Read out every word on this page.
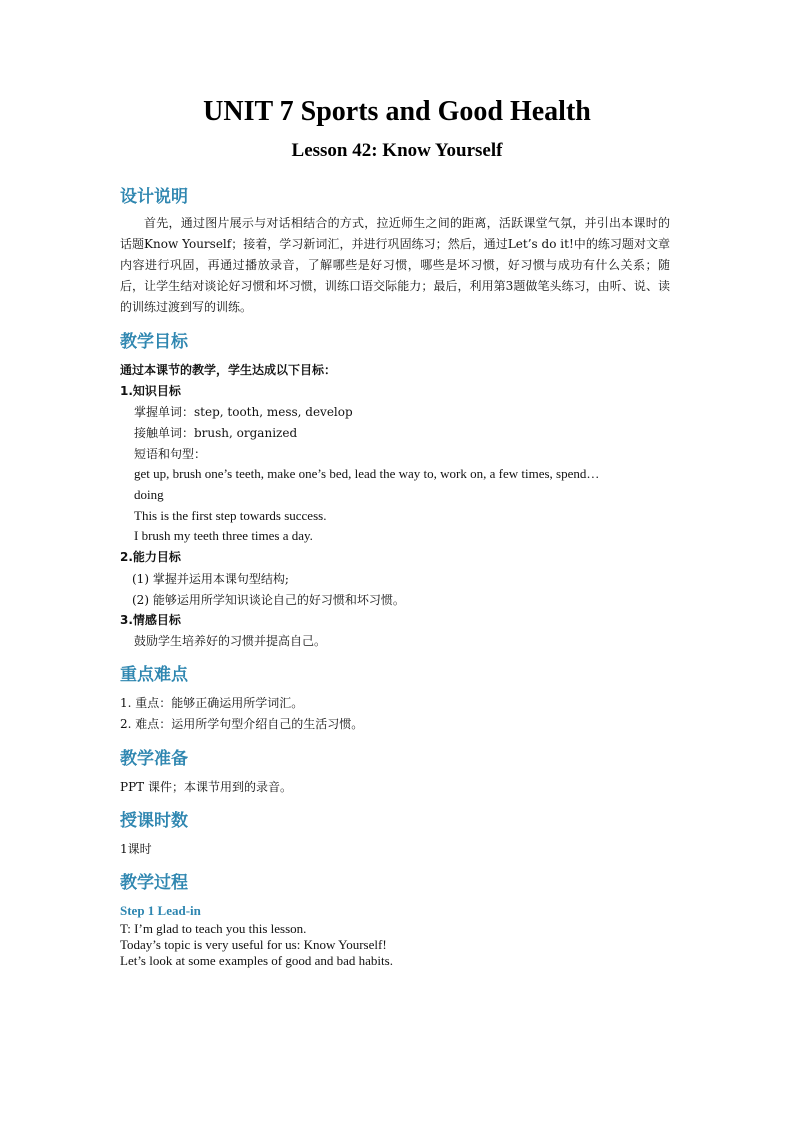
UNIT 7 Sports and Good Health
Lesson 42: Know Yourself
设计说明
首先，通过图片展示与对话相结合的方式，拉近师生之间的距离，活跃课堂气氛，并引出本课时的话题Know Yourself；接着，学习新词汇，并进行巩固练习；然后，通过Let’s do it!中的练习题对文章内容进行巩固，再通过播放录音，了解哪些是好习惯，哪些是坏习惯，好习惯与成功有什么关系；随后，让学生结对谈论好习惯和坏习惯，训练口语交际能力；最后，利用第3题做笔头练习，由听、说、读的训练过渡到写的训练。
教学目标
通过本课节的教学，学生达成以下目标：
1.知识目标
掌握单词：step, tooth, mess, develop
接触单词：brush, organized
短语和句型：
get up, brush one’s teeth, make one’s bed, lead the way to, work on, a few times, spend…
doing
This is the first step towards success.
I brush my teeth three times a day.
2.能力目标
(1) 掌握并运用本课句型结构;
(2) 能够运用所学知识谈论自己的好习惯和坏习惯。
3.情感目标
鼓励学生培养好的习惯并提高自己。
重点难点
1. 重点：能够正确运用所学词汇。
2. 难点：运用所学句型介绍自己的生活习惯。
教学准备
PPT 课件；本课节用到的录音。
授课时数
1课时
教学过程
Step 1 Lead-in
T: I’m glad to teach you this lesson.
Today’s topic is very useful for us: Know Yourself!
Let’s look at some examples of good and bad habits.
